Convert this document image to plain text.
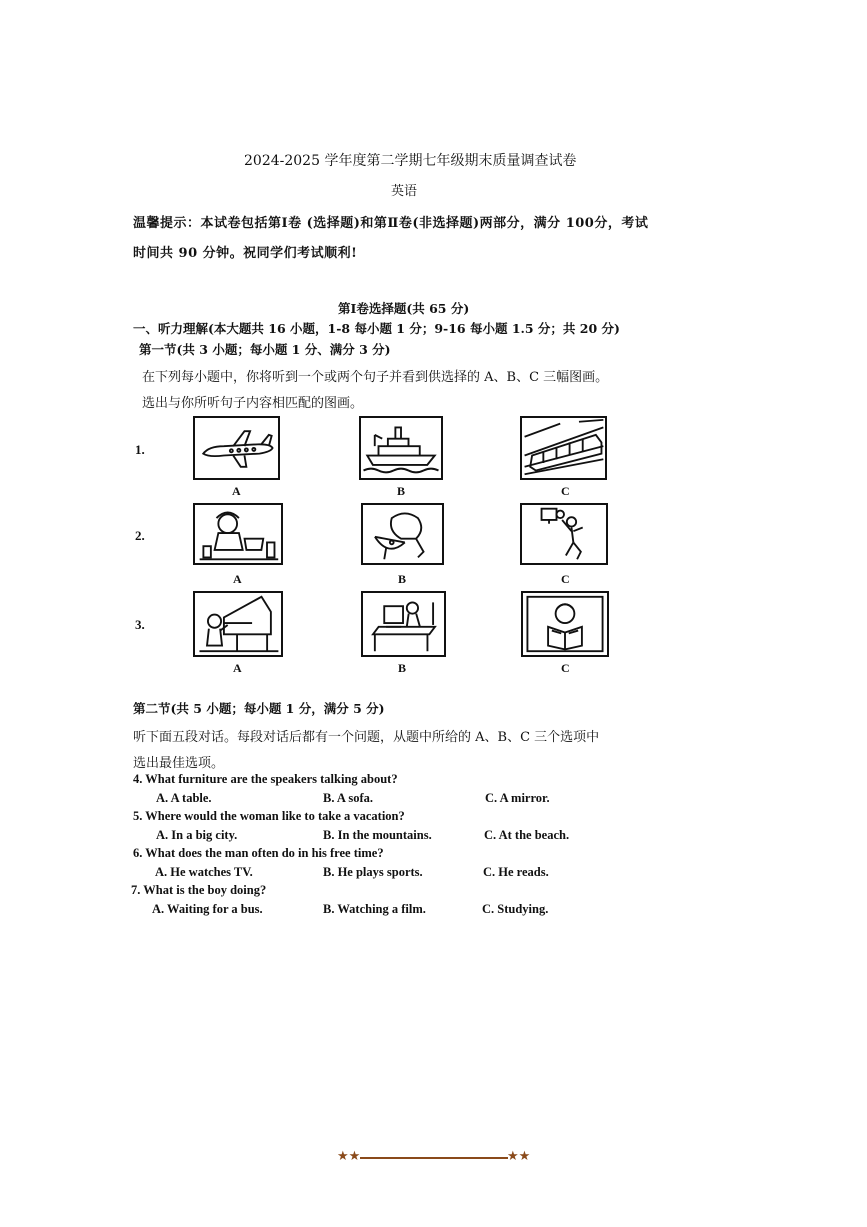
2024-2025 学年度第二学期七年级期末质量调查试卷
英语
温馨提示：本试卷包括第Ⅰ卷 (选择题)和第Ⅱ卷(非选择题)两部分，满分 100分，考试
时间共 90 分钟。祝同学们考试顺利!
第Ⅰ卷选择题(共 65 分)
一、听力理解(本大题共 16 小题，1-8 每小题 1 分；9-16 每小题 1.5 分；共 20 分)
第一节(共 3 小题；每小题 1 分、满分 3 分)
在下列每小题中，你将听到一个或两个句子并看到供选择的 A、B、C 三幅图画。
选出与你所听句子内容相匹配的图画。
1.
A	B	C
2.
A	B	C
3.
A	B	C
第二节(共 5 小题；每小题 1 分，满分 5 分)
听下面五段对话。每段对话后都有一个问题，从题中所给的 A、B、C 三个选项中
选出最佳选项。
4. What furniture are the speakers talking about?
A. A table.	B. A sofa.	C. A mirror.
5. Where would the woman like to take a vacation?
A. In a big city.	B. In the mountains.	C. At the beach.
6. What does the man often do in his free time?
A. He watches TV.	B. He plays sports.	C. He reads.
7. What is the boy doing?
A. Waiting for a bus.	B. Watching a film.	C. Studying.
★★	★★
